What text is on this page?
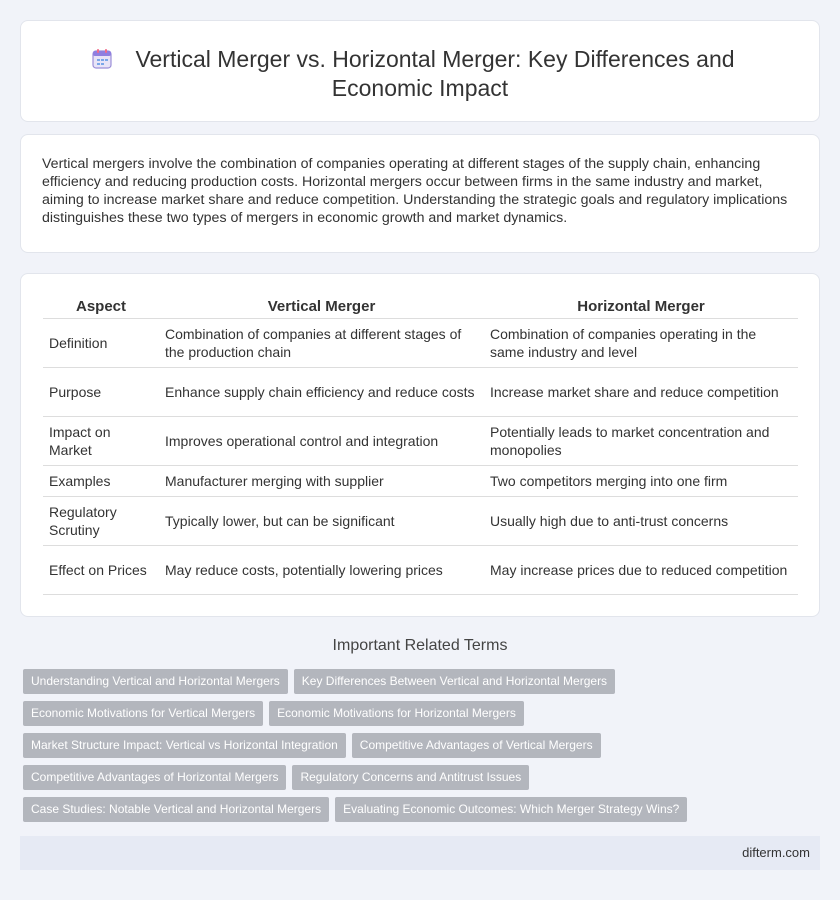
Vertical Merger vs. Horizontal Merger: Key Differences and
Economic Impact

Vertical mergers involve the combination of companies operating at different stages of the supply chain, enhancing efficiency and reducing production costs. Horizontal mergers occur between firms in the same industry and market, aiming to increase market share and reduce competition. Understanding the strategic goals and regulatory implications distinguishes these two types of mergers in economic growth and market dynamics.

Aspect	Vertical Merger	Horizontal Merger
Definition	Combination of companies at different stages of the production chain	Combination of companies operating in the same industry and level
Purpose	Enhance supply chain efficiency and reduce costs	Increase market share and reduce competition
Impact on Market	Improves operational control and integration	Potentially leads to market concentration and monopolies
Examples	Manufacturer merging with supplier	Two competitors merging into one firm
Regulatory Scrutiny	Typically lower, but can be significant	Usually high due to anti-trust concerns
Effect on Prices	May reduce costs, potentially lowering prices	May increase prices due to reduced competition
Important Related Terms
Understanding Vertical and Horizontal Mergers Key Differences Between Vertical and Horizontal Mergers
Economic Motivations for Vertical Mergers Economic Motivations for Horizontal Mergers
Market Structure Impact: Vertical vs Horizontal Integration Competitive Advantages of Vertical Mergers
Competitive Advantages of Horizontal Mergers Regulatory Concerns and Antitrust Issues
Case Studies: Notable Vertical and Horizontal Mergers Evaluating Economic Outcomes: Which Merger Strategy Wins?
difterm.com
